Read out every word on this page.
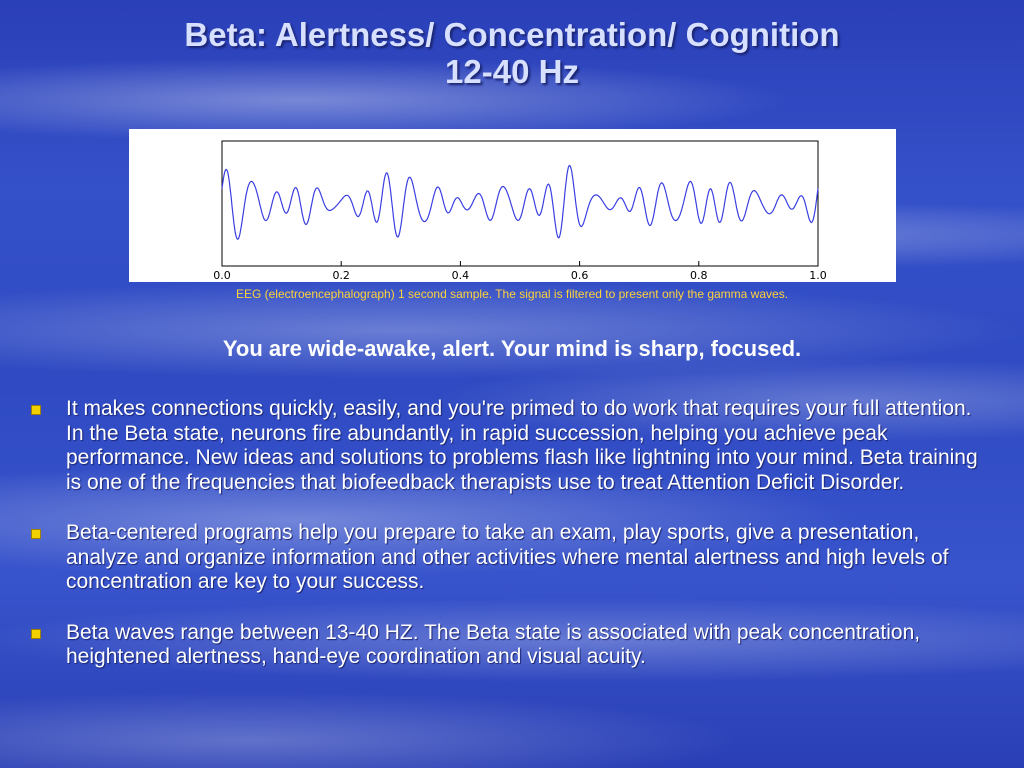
Beta: Alertness/ Concentration/ Cognition
12-40 Hz
0.0	0.2	0.4	0.6	0.8	1.0
EEG (electroencephalograph) 1 second sample. The signal is filtered to present only the gamma waves.
You are wide-awake, alert. Your mind is sharp, focused.
It makes connections quickly, easily, and you're primed to do work that requires your full attention. In the Beta state, neurons fire abundantly, in rapid succession, helping you achieve peak performance. New ideas and solutions to problems flash like lightning into your mind. Beta training is one of the frequencies that biofeedback therapists use to treat Attention Deficit Disorder.
Beta-centered programs help you prepare to take an exam, play sports, give a presentation, analyze and organize information and other activities where mental alertness and high levels of concentration are key to your success.
Beta waves range between 13-40 HZ. The Beta state is associated with peak concentration, heightened alertness, hand-eye coordination and visual acuity.
